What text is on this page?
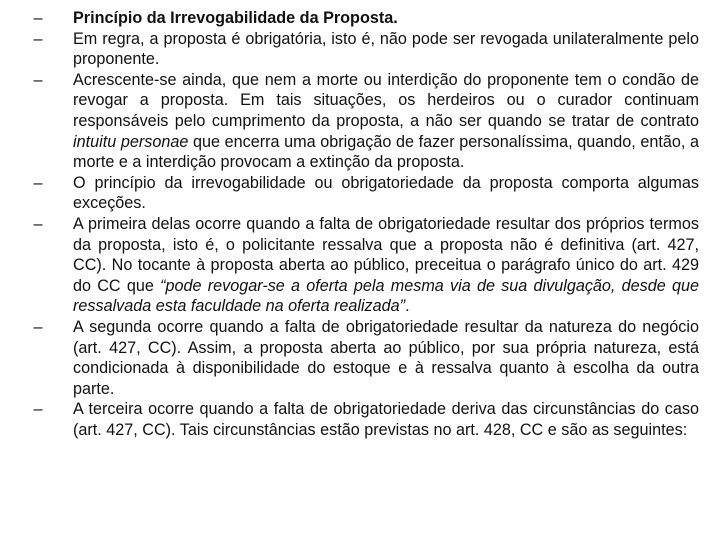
–	Princípio da Irrevogabilidade da Proposta.
–	Em regra, a proposta é obrigatória, isto é, não pode ser revogada unilateralmente pelo proponente.
–	Acrescente-se ainda, que nem a morte ou interdição do proponente tem o condão de revogar a proposta. Em tais situações, os herdeiros ou o curador continuam responsáveis pelo cumprimento da proposta, a não ser quando se tratar de contrato intuitu personae que encerra uma obrigação de fazer personalíssima, quando, então, a morte e a interdição provocam a extinção da proposta.
–	O princípio da irrevogabilidade ou obrigatoriedade da proposta comporta algumas exceções.
–	A primeira delas ocorre quando a falta de obrigatoriedade resultar dos próprios termos da proposta, isto é, o policitante ressalva que a proposta não é definitiva (art. 427, CC). No tocante à proposta aberta ao público, preceitua o parágrafo único do art. 429 do CC que “pode revogar-se a oferta pela mesma via de sua divulgação, desde que ressalvada esta faculdade na oferta realizada”.
–	A segunda ocorre quando a falta de obrigatoriedade resultar da natureza do negócio (art. 427, CC). Assim, a proposta aberta ao público, por sua própria natureza, está condicionada à disponibilidade do estoque e à ressalva quanto à escolha da outra parte.
–	A terceira ocorre quando a falta de obrigatoriedade deriva das circunstâncias do caso (art. 427, CC). Tais circunstâncias estão previstas no art. 428, CC e são as seguintes:
